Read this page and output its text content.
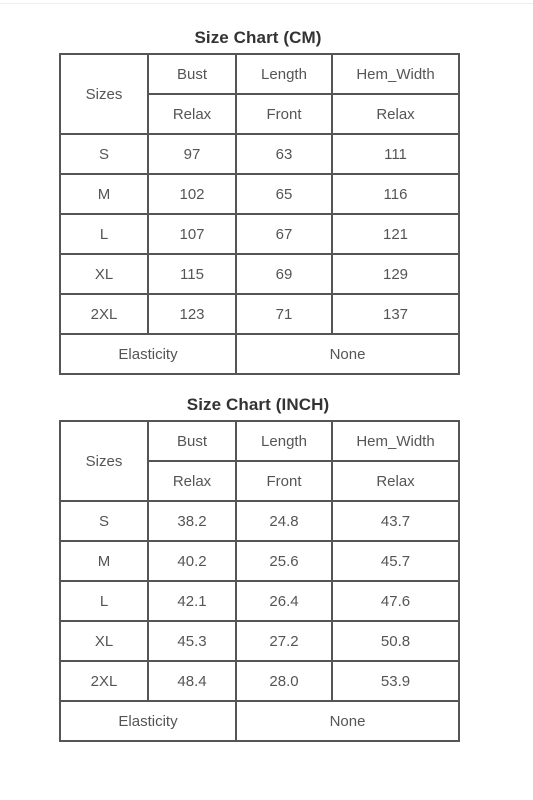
Size Chart (CM)
Sizes	Bust	Length	Hem_Width
	Relax	Front	Relax
S	97	63	111
M	102	65	116
L	107	67	121
XL	115	69	129
2XL	123	71	137
Elasticity		None	
Size Chart (INCH)
Sizes	Bust	Length	Hem_Width
	Relax	Front	Relax
S	38.2	24.8	43.7
M	40.2	25.6	45.7
L	42.1	26.4	47.6
XL	45.3	27.2	50.8
2XL	48.4	28.0	53.9
Elasticity		None	
